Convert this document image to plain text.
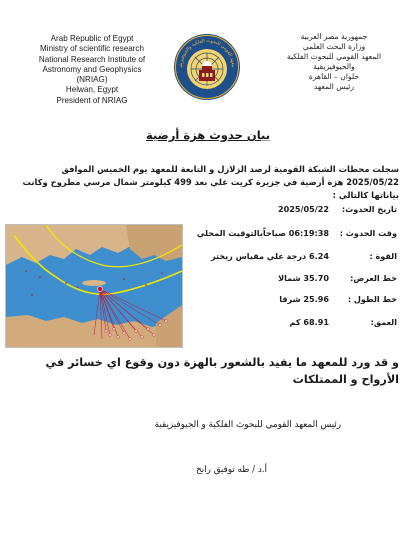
Arab Republic of Egypt
Ministry of scientific research
National Research Institute of
Astronomy and Geophysics
(NRIAG)
Helwan, Egypt
President of NRIAG
معهد القومي للبحوث الفلكية والجيوفيزيقي
جمهورية مصر العربية
وزارة البحث العلمي
المعهد القومي للبحوث الفلكية
والجيوفيزيقية
حلوان – القاهرة
رئيس المعهد
بيان حدوث هزة أرضية
سجلت محطات الشبكة القومية لرصد الزلازل و التابعة للمعهد يوم الخميس الموافق 2025/05/22 هزة أرضية في جزيرة كريت علي بعد 499 كيلومتر شمال مرسي مطروح وكانت بياناتها كالتالي :
تاريخ الحدوث:
2025/05/22
وقت الحدوث :
06:19:38 صباحاًبالتوقيت المحلي
القوة :
6.24 درجة علي مقياس ريختر
خط العرض:
35.70 شمالا
خط الطول :
25.96 شرقا
العمق:
68.91 كم
و قد ورد للمعهد ما يفيد بالشعور بالهزة دون وقوع اي خسائر في الأرواح و الممتلكات
رئيس المعهد القومي للبحوث الفلكية و الجيوفيزيقية
أ.د / طه توفيق رابح
